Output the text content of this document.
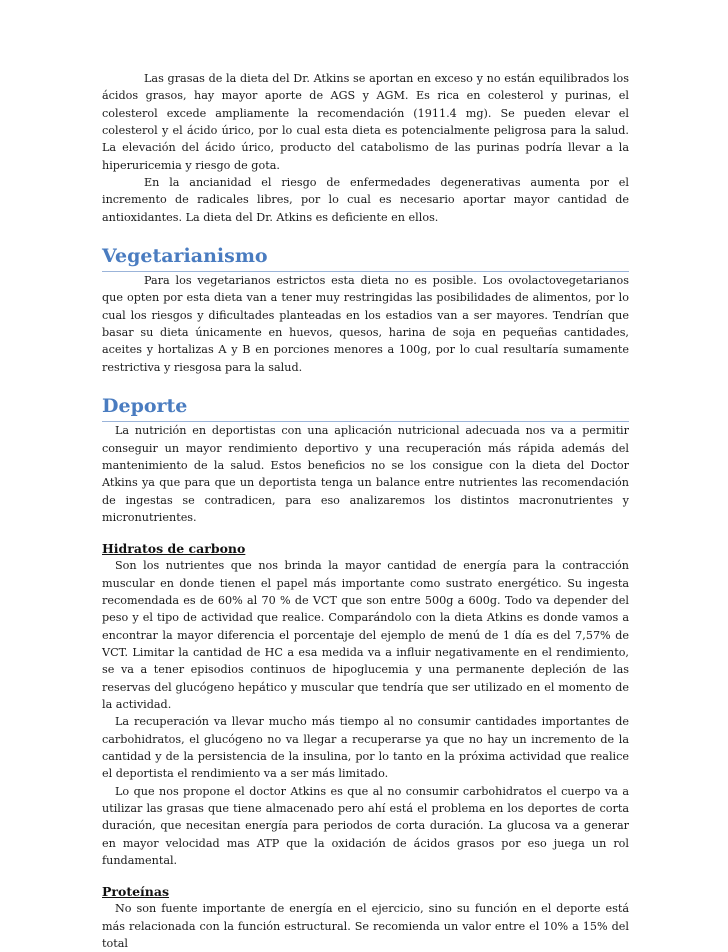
Las grasas de la dieta del Dr. Atkins se aportan en exceso y no están equilibrados los ácidos grasos, hay mayor aporte de AGS y AGM. Es rica en colesterol y purinas, el colesterol excede ampliamente la recomendación (1911.4 mg). Se pueden elevar el colesterol y el ácido úrico, por lo cual esta dieta es potencialmente peligrosa para la salud. La elevación del ácido úrico, producto del catabolismo de las purinas podría llevar a la hiperuricemia y riesgo de gota.

En la ancianidad el riesgo de enfermedades degenerativas aumenta por el incremento de radicales libres, por lo cual es necesario aportar mayor cantidad de antioxidantes. La dieta del Dr. Atkins es deficiente en ellos.

Vegetarianismo

Para los vegetarianos estrictos esta dieta no es posible. Los ovolactovegetarianos que opten por esta dieta van a tener muy restringidas las posibilidades de alimentos, por lo cual los riesgos y dificultades planteadas en los estadios van a ser mayores. Tendrían que basar su dieta únicamente en huevos, quesos, harina de soja en pequeñas cantidades, aceites y hortalizas A y B en porciones menores a 100g, por lo cual resultaría sumamente restrictiva y riesgosa para la salud.

Deporte

La nutrición en deportistas con una aplicación nutricional adecuada nos va a permitir conseguir un mayor rendimiento deportivo y una recuperación más rápida además del mantenimiento de la salud. Estos beneficios no se los consigue con la dieta del Doctor Atkins ya que para que un deportista tenga un balance entre nutrientes las recomendación de ingestas se contradicen, para eso analizaremos los distintos macronutrientes y micronutrientes.

Hidratos de carbono

Son los nutrientes que nos brinda la mayor cantidad de energía para la contracción muscular en donde tienen el papel más importante como sustrato energético. Su ingesta recomendada es de 60% al 70 % de VCT que son entre 500g a 600g. Todo va depender del peso y el tipo de actividad que realice. Comparándolo con la dieta Atkins es donde vamos a encontrar la mayor diferencia el porcentaje del ejemplo de menú de 1 día es del 7,57% de VCT. Limitar la cantidad de HC a esa medida va a influir negativamente en el rendimiento, se va a tener episodios continuos de hipoglucemia y una permanente depleción de las reservas del glucógeno hepático y muscular que tendría que ser utilizado en el momento de la actividad.

La recuperación va llevar mucho más tiempo al no consumir cantidades importantes de carbohidratos, el glucógeno no va llegar a recuperarse ya que no hay un incremento de la cantidad y de la persistencia de la insulina, por lo tanto en la próxima actividad que realice el deportista el rendimiento va a ser más limitado.

Lo que nos propone el doctor Atkins es que al no consumir carbohidratos el cuerpo va a utilizar las grasas que tiene almacenado pero ahí está el problema en los deportes de corta duración, que necesitan energía para periodos de corta duración. La glucosa va a generar en mayor velocidad mas ATP que la oxidación de ácidos grasos por eso juega un rol fundamental.

Proteínas

No son fuente importante de energía en el ejercicio, sino su función en el deporte está más relacionada con la función estructural. Se recomienda un valor entre el 10% a 15% del total
